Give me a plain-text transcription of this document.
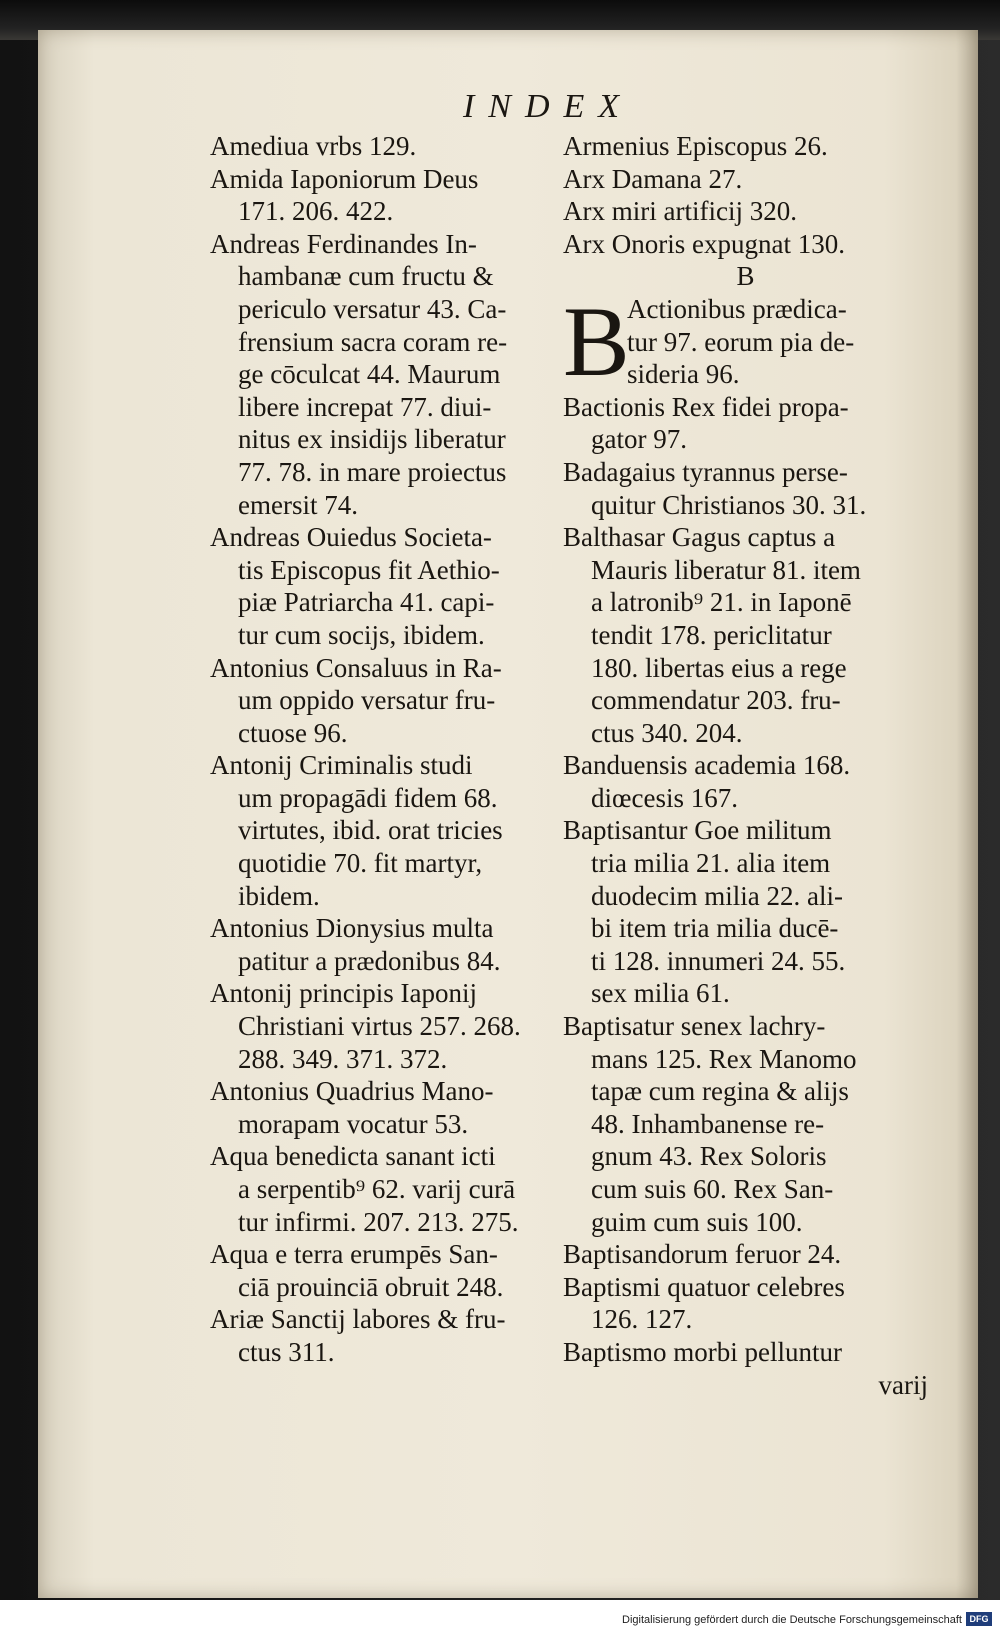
INDEX
Amediua vrbs 129.
Amida Iaponiorum Deus
171. 206. 422.
Andreas Ferdinandes In-
hambanæ cum fructu &
periculo versatur 43. Ca-
frensium sacra coram re-
ge cōculcat 44. Maurum
libere increpat 77. diui-
nitus ex insidijs liberatur
77. 78. in mare proiectus
emersit 74.
Andreas Ouiedus Societa-
tis Episcopus fit Aethio-
piæ Patriarcha 41. capi-
tur cum socijs, ibidem.
Antonius Consaluus in Ra-
um oppido versatur fru-
ctuose 96.
Antonij Criminalis studi
um propagādi fidem 68.
virtutes, ibid. orat tricies
quotidie 70. fit martyr,
ibidem.
Antonius Dionysius multa
patitur a prædonibus 84.
Antonij principis Iaponij
Christiani virtus 257. 268.
288. 349. 371. 372.
Antonius Quadrius Mano-
morapam vocatur 53.
Aqua benedicta sanant icti
a serpentib⁹ 62. varij curā
tur infirmi. 207. 213. 275.
Aqua e terra erumpēs San-
ciā prouinciā obruit 248.
Ariæ Sanctij labores & fru-
ctus 311.
Armenius Episcopus 26.
Arx Damana 27.
Arx miri artificij 320.
Arx Onoris expugnat 130.
B
B
Actionibus prædica-
tur 97. eorum pia de-
sideria 96.
Bactionis Rex fidei propa-
gator 97.
Badagaius tyrannus perse-
quitur Christianos 30. 31.
Balthasar Gagus captus a
Mauris liberatur 81. item
a latronib⁹ 21. in Iaponē
tendit 178. periclitatur
180. libertas eius a rege
commendatur 203. fru-
ctus 340. 204.
Banduensis academia 168.
diœcesis 167.
Baptisantur Goe militum
tria milia 21. alia item
duodecim milia 22. ali-
bi item tria milia ducē-
ti 128. innumeri 24. 55.
sex milia 61.
Baptisatur senex lachry-
mans 125. Rex Manomo
tapæ cum regina & alijs
48. Inhambanense re-
gnum 43. Rex Soloris
cum suis 60. Rex San-
guim cum suis 100.
Baptisandorum feruor 24.
Baptismi quatuor celebres
126. 127.
Baptismo morbi pelluntur
varij
Digitalisierung gefördert durch die Deutsche Forschungsgemeinschaft DFG
